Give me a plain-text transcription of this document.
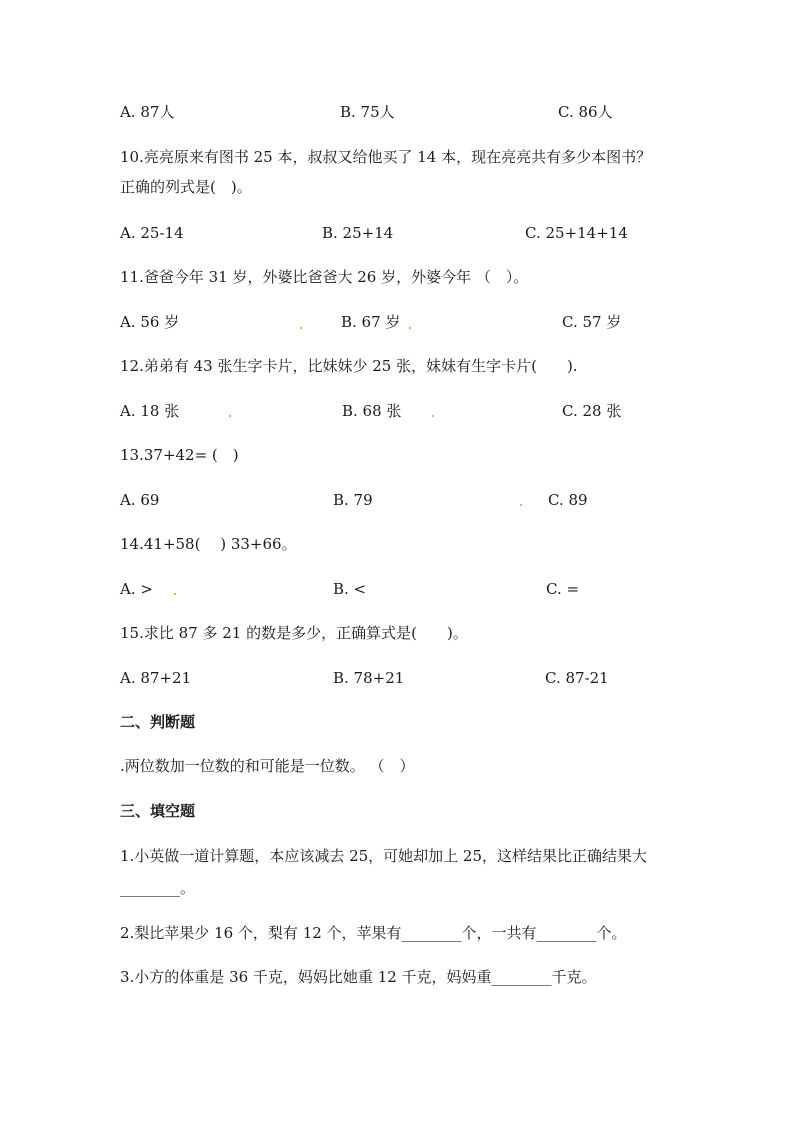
A. 87人	B. 75人	C. 86人
10.亮亮原来有图书 25 本，叔叔又给他买了 14 本，现在亮亮共有多少本图书？
正确的列式是(　)。
A. 25-14	B. 25+14	C. 25+14+14
11.爸爸今年 31 岁，外婆比爸爸大 26 岁，外婆今年 （　）。
A. 56 岁	B. 67 岁	C. 57 岁
12.弟弟有 43 张生字卡片，比妹妹少 25 张，妹妹有生字卡片(　　).
A. 18 张	B. 68 张	C. 28 张
13.37+42= (　)
A. 69	B. 79	C. 89
14.41+58(　 ) 33+66。
A. >	B. <	C. =
15.求比 87 多 21 的数是多少，正确算式是(　　)。
A. 87+21	B. 78+21	C. 87-21
二、判断题
.两位数加一位数的和可能是一位数。 （　）
三、填空题
1.小英做一道计算题，本应该减去 25，可她却加上 25，这样结果比正确结果大
________。
2.梨比苹果少 16 个，梨有 12 个，苹果有________个，一共有________个。
3.小方的体重是 36 千克，妈妈比她重 12 千克，妈妈重________千克。
